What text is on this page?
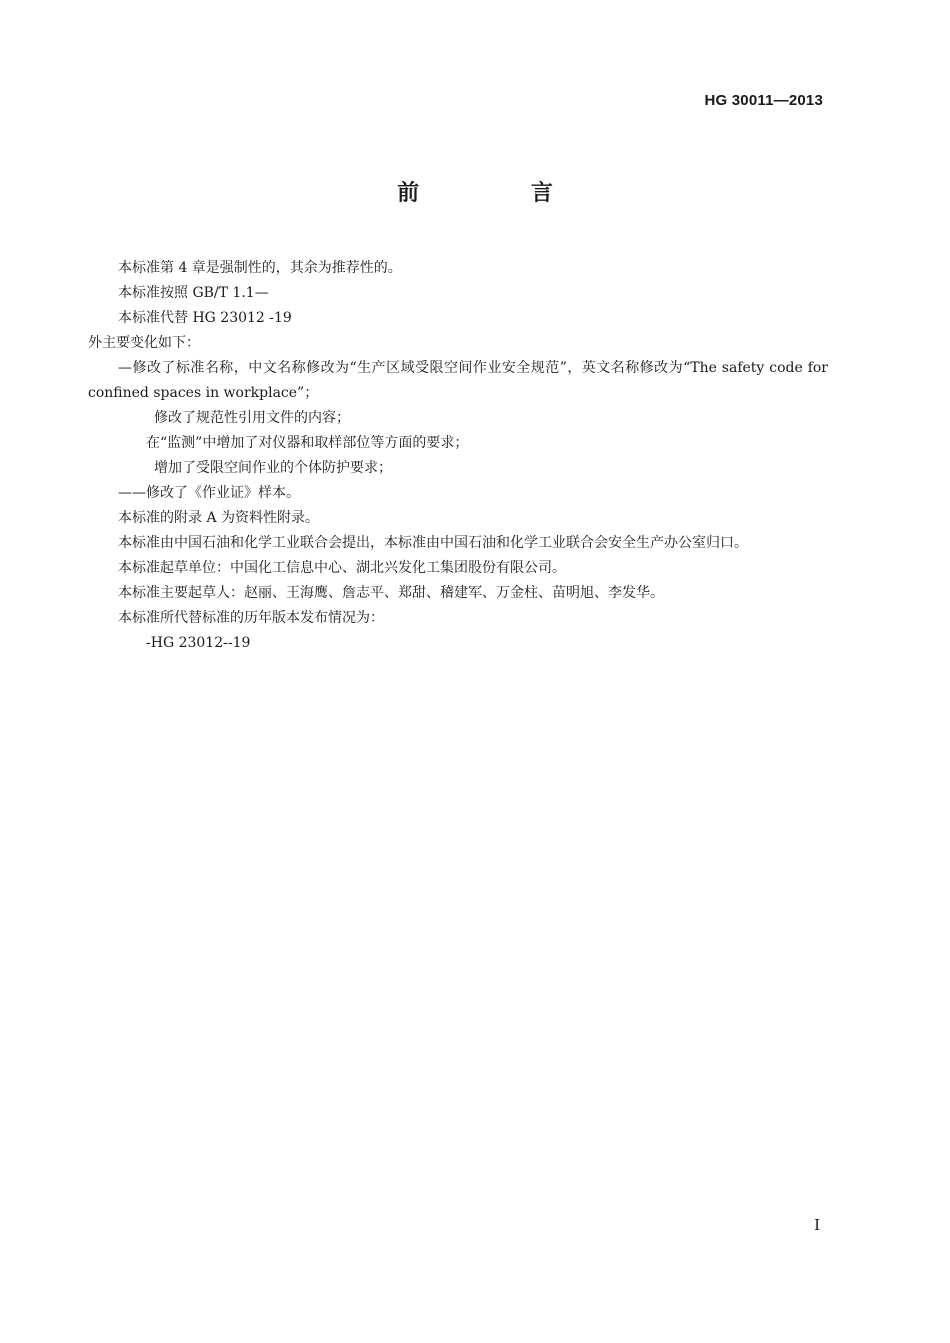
HG 30011—2013
前 言
本标准第 4 章是强制性的，其余为推荐性的。
本标准按照 GB/T 1.1—
本标准代替 HG 23012 -19
外主要变化如下：
—修改了标准名称，中文名称修改为“生产区域受限空间作业安全规范”，英文名称修改为“The safety code for confined spaces in workplace”；
修改了规范性引用文件的内容；
在“监测”中增加了对仪器和取样部位等方面的要求；
增加了受限空间作业的个体防护要求；
——修改了《作业证》样本。
本标准的附录 A 为资料性附录。
本标准由中国石油和化学工业联合会提出，本标准由中国石油和化学工业联合会安全生产办公室归口。
本标准起草单位：中国化工信息中心、湖北兴发化工集团股份有限公司。
本标准主要起草人：赵丽、王海鹰、詹志平、郑甜、稽建军、万金柱、苗明旭、李发华。
本标准所代替标准的历年版本发布情况为：
-HG 23012--19
I
